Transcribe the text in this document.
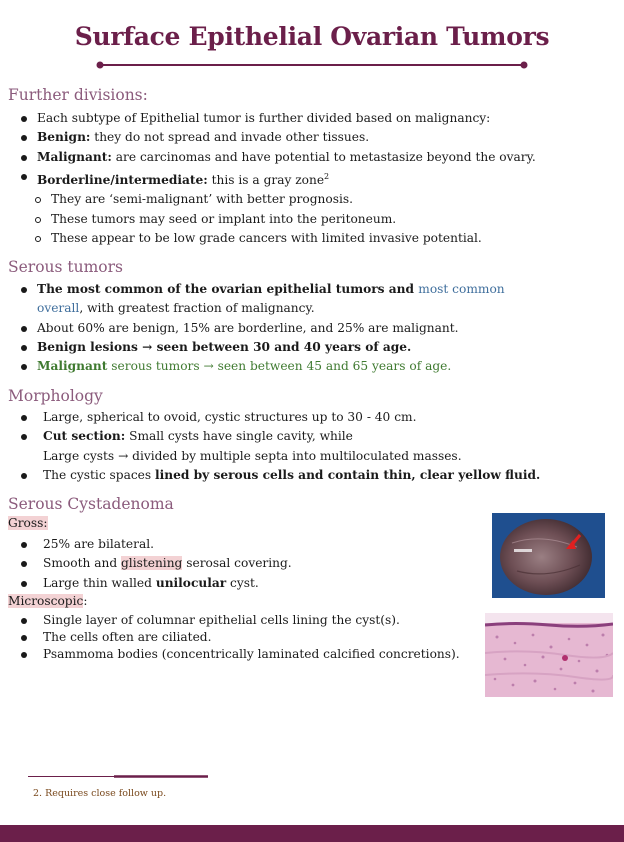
Surface Epithelial Ovarian Tumors
Further divisions:
Each subtype of Epithelial tumor is further divided based on malignancy:
Benign: they do not spread and invade other tissues.
Malignant: are carcinomas and have potential to metastasize beyond the ovary.
Borderline/intermediate: this is a gray zone$^2$
They are ‘semi-malignant’ with better prognosis.
These tumors may seed or implant into the peritoneum.
These appear to be low grade cancers with limited invasive potential.
Serous tumors
The most common of the ovarian epithelial tumors and most common
overall, with greatest fraction of malignancy.
About 60% are benign, 15% are borderline, and 25% are malignant.
Benign lesions → seen between 30 and 40 years of age.
Malignant serous tumors → seen between 45 and 65 years of age.
Morphology
Large, spherical to ovoid, cystic structures up to 30 - 40 cm.
Cut section: Small cysts have single cavity, while
Large cysts → divided by multiple septa into multiloculated masses.
The cystic spaces lined by serous cells and contain thin, clear yellow fluid.
Serous Cystadenoma
Gross:
25% are bilateral.
Smooth and glistening serosal covering.
Large thin walled unilocular cyst.
Microscopic:
Single layer of columnar epithelial cells lining the cyst(s).
The cells often are ciliated.
Psammoma bodies (concentrically laminated calcified concretions).
2. Requires close follow up.
